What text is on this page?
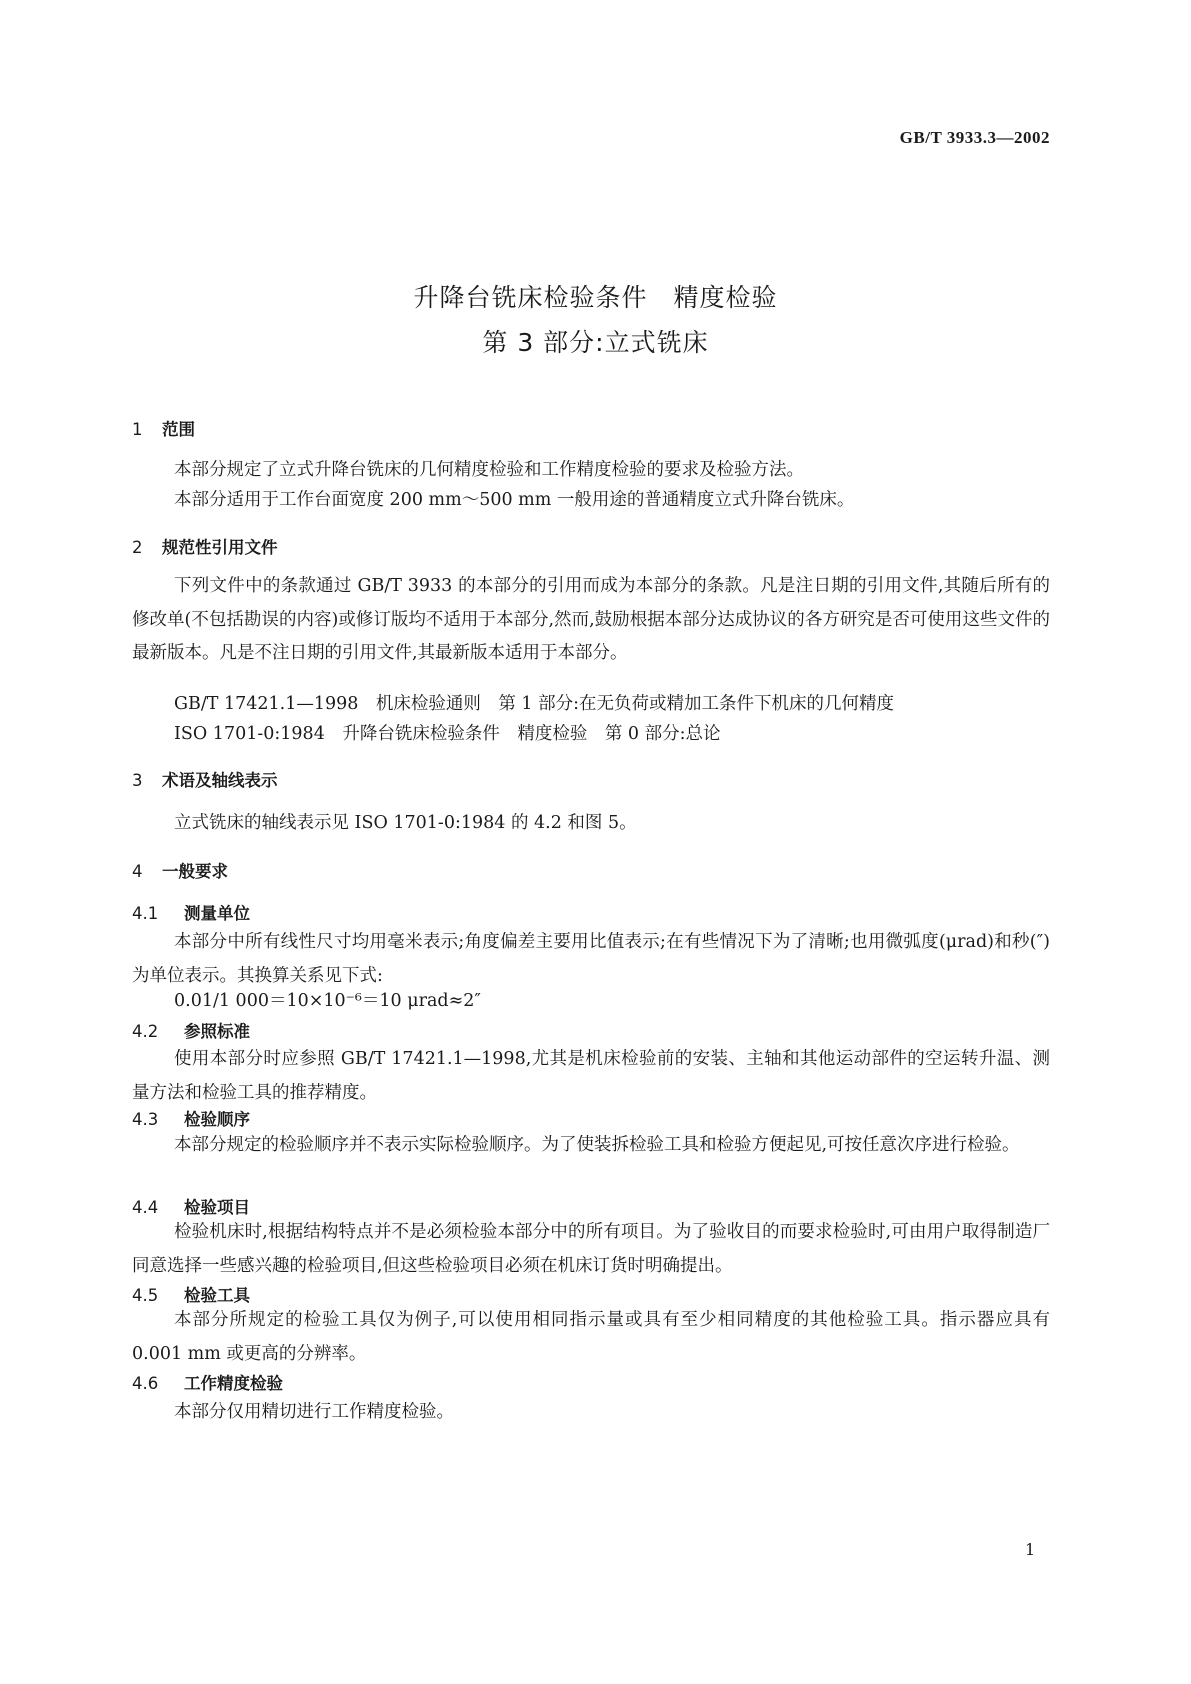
GB/T 3933.3—2002
升降台铣床检验条件　精度检验
第 3 部分:立式铣床
1 范围
本部分规定了立式升降台铣床的几何精度检验和工作精度检验的要求及检验方法。
本部分适用于工作台面宽度 200 mm～500 mm 一般用途的普通精度立式升降台铣床。
2 规范性引用文件
下列文件中的条款通过 GB/T 3933 的本部分的引用而成为本部分的条款。凡是注日期的引用文件,其随后所有的修改单(不包括勘误的内容)或修订版均不适用于本部分,然而,鼓励根据本部分达成协议的各方研究是否可使用这些文件的最新版本。凡是不注日期的引用文件,其最新版本适用于本部分。
GB/T 17421.1—1998　机床检验通则　第 1 部分:在无负荷或精加工条件下机床的几何精度
ISO 1701-0:1984　升降台铣床检验条件　精度检验　第 0 部分:总论
3 术语及轴线表示
立式铣床的轴线表示见 ISO 1701-0:1984 的 4.2 和图 5。
4 一般要求
4.1 测量单位
本部分中所有线性尺寸均用毫米表示;角度偏差主要用比值表示;在有些情况下为了清晰;也用微弧度(μrad)和秒(″)为单位表示。其换算关系见下式:
0.01/1 000＝10×10⁻⁶＝10 μrad≈2″
4.2 参照标准
使用本部分时应参照 GB/T 17421.1—1998,尤其是机床检验前的安装、主轴和其他运动部件的空运转升温、测量方法和检验工具的推荐精度。
4.3 检验顺序
本部分规定的检验顺序并不表示实际检验顺序。为了使装拆检验工具和检验方便起见,可按任意次序进行检验。
4.4 检验项目
检验机床时,根据结构特点并不是必须检验本部分中的所有项目。为了验收目的而要求检验时,可由用户取得制造厂同意选择一些感兴趣的检验项目,但这些检验项目必须在机床订货时明确提出。
4.5 检验工具
本部分所规定的检验工具仅为例子,可以使用相同指示量或具有至少相同精度的其他检验工具。指示器应具有 0.001 mm 或更高的分辨率。
4.6 工作精度检验
本部分仅用精切进行工作精度检验。
1
